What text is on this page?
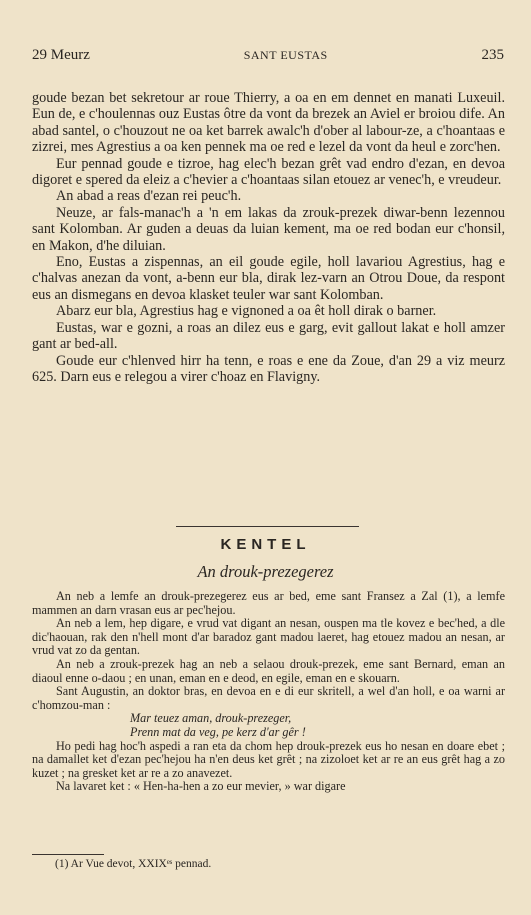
29 Meurz	SANT EUSTAS	235

goude bezan bet sekretour ar roue Thierry, a oa en em dennet en manati Luxeuil. Eun de, e c'houlennas ouz Eustas ôtre da vont da brezek an Aviel er broiou dife. An abad santel, o c'houzout ne oa ket barrek awalc'h d'ober al labour-ze, a c'hoantaas e zizrei, mes Agrestius a oa ken pennek ma oe red e lezel da vont da heul e zorc'hen.

Eur pennad goude e tizroe, hag elec'h bezan grêt vad endro d'ezan, en devoa digoret e spered da eleiz a c'hevier a c'hoantaas silan etouez ar venec'h, e vreudeur.

An abad a reas d'ezan rei peuc'h.

Neuze, ar fals-manac'h a 'n em lakas da zrouk-prezek diwar-benn lezennou sant Kolomban. Ar guden a deuas da luian kement, ma oe red bodan eur c'honsil, en Makon, d'he diluian.

Eno, Eustas a zispennas, an eil goude egile, holl lavariou Agrestius, hag e c'halvas anezan da vont, a-benn eur bla, dirak lez-varn an Otrou Doue, da respont eus an dismegans en devoa klasket teuler war sant Kolomban.

Abarz eur bla, Agrestius hag e vignoned a oa êt holl dirak o barner.

Eustas, war e gozni, a roas an dilez eus e garg, evit gallout lakat e holl amzer gant ar bed-all.

Goude eur c'hlenved hirr ha tenn, e roas e ene da Zoue, d'an 29 a viz meurz 625. Darn eus e relegou a virer c'hoaz en Flavigny.

KENTEL
An drouk-prezegerez

An neb a lemfe an drouk-prezegerez eus ar bed, eme sant Fransez a Zal (1), a lemfe mammen an darn vrasan eus ar pec'hejou.

An neb a lem, hep digare, e vrud vat digant an nesan, ouspen ma tle kovez e bec'hed, a dle dic'haouan, rak den n'hell mont d'ar baradoz gant madou laeret, hag etouez madou an nesan, ar vrud vat zo da gentan.

An neb a zrouk-prezek hag an neb a selaou drouk-prezek, eme sant Bernard, eman an diaoul enne o-daou ; en unan, eman en e deod, en egile, eman en e skouarn.

Sant Augustin, an doktor bras, en devoa en e di eur skritell, a wel d'an holl, e oa warni ar c'homzou-man :

Mar teuez aman, drouk-prezeger,

Prenn mat da veg, pe kerz d'ar gêr !

Ho pedi hag hoc'h aspedi a ran eta da chom hep drouk-prezek eus ho nesan en doare ebet ; na damallet ket d'ezan pec'hejou ha n'en deus ket grêt ; na zizoloet ket ar re an eus grêt hag a zo kuzet ; na gresket ket ar re a zo anavezet.

Na lavaret ket : « Hen-ha-hen a zo eur mevier, » war digare

(1) Ar Vue devot, XXIXᵉˢ pennad.
